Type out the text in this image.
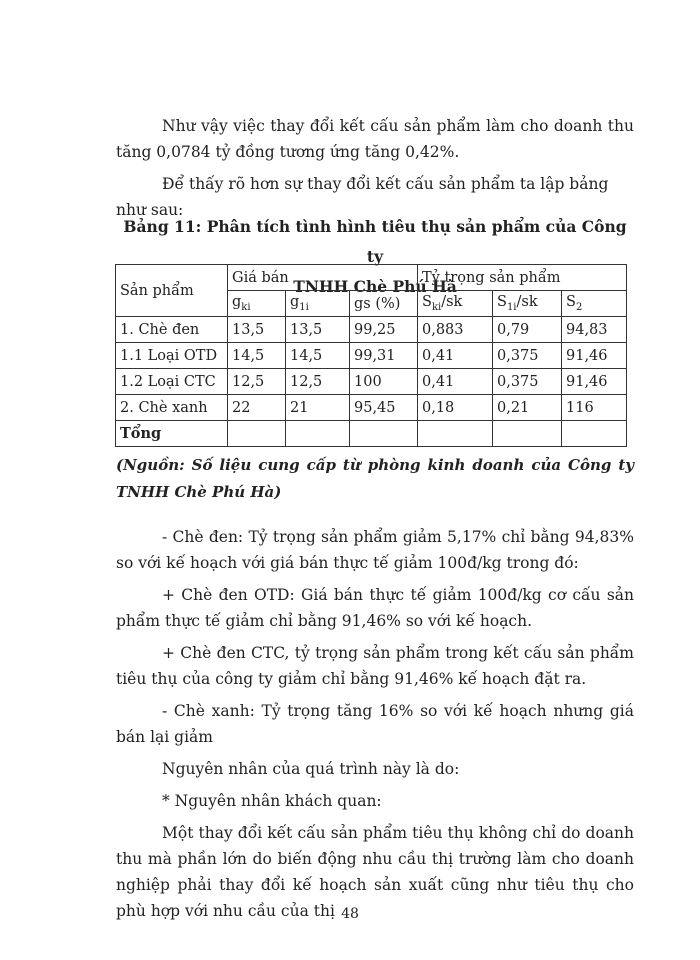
Như vậy việc thay đổi kết cấu sản phẩm làm cho doanh thu tăng 0,0784 tỷ đồng tương ứng tăng 0,42%.

Để thấy rõ hơn sự thay đổi kết cấu sản phẩm ta lập bảng như sau:

Bảng 11: Phân tích tình hình tiêu thụ sản phẩm của Công ty
TNHH Chè Phú Hà
Sản phẩm	Giá bán			Tỷ trọng sản phẩm		
	$g_{ki}$	$g_{1i}$	gs (%)	$S_{ki}/sk$	$S_{1i}/sk$	$S_2$
1. Chè đen	13,5	13,5	99,25	0,883	0,79	94,83
1.1 Loại OTD	14,5	14,5	99,31	0,41	0,375	91,46
1.2 Loại CTC	12,5	12,5	100	0,41	0,375	91,46
2. Chè xanh	22	21	95,45	0,18	0,21	116
Tổng						
(Nguồn: Số liệu cung cấp từ phòng kinh doanh của Công ty TNHH Chè Phú Hà)

- Chè đen: Tỷ trọng sản phẩm giảm 5,17% chỉ bằng 94,83% so với kế hoạch với giá bán thực tế giảm 100đ/kg trong đó:

+ Chè đen OTD: Giá bán thực tế giảm 100đ/kg cơ cấu sản phẩm thực tế giảm chỉ bằng 91,46% so với kế hoạch.

+ Chè đen CTC, tỷ trọng sản phẩm trong kết cấu sản phẩm tiêu thụ của công ty giảm chỉ bằng 91,46% kế hoạch đặt ra.

- Chè xanh: Tỷ trọng tăng 16% so với kế hoạch nhưng giá bán lại giảm

Nguyên nhân của quá trình này là do:

* Nguyên nhân khách quan:

Một thay đổi kết cấu sản phẩm tiêu thụ không chỉ do doanh thu mà phần lớn do biến động nhu cầu thị trường làm cho doanh nghiệp phải thay đổi kế hoạch sản xuất cũng như tiêu thụ cho phù hợp với nhu cầu của thị 48
